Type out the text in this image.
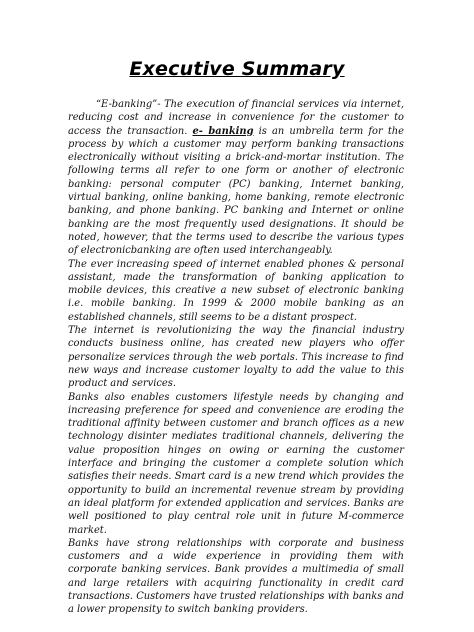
Executive Summary

“E-banking”- The execution of financial services via internet, reducing cost and increase in convenience for the customer to access the transaction. e- banking is an umbrella term for the process by which a customer may perform banking transactions electronically without visiting a brick-and-mortar institution. The following terms all refer to one form or another of electronic banking: personal computer (PC) banking, Internet banking, virtual banking, online banking, home banking, remote electronic banking, and phone banking. PC banking and Internet or online banking are the most frequently used designations. It should be noted, however, that the terms used to describe the various types of electronicbanking are often used interchangeably.

The ever increasing speed of internet enabled phones & personal assistant, made the transformation of banking application to mobile devices, this creative a new subset of electronic banking i.e. mobile banking. In 1999 & 2000 mobile banking as an established channels, still seems to be a distant prospect.

The internet is revolutionizing the way the financial industry conducts business online, has created new players who offer personalize services through the web portals. This increase to find new ways and increase customer loyalty to add the value to this product and services.

Banks also enables customers lifestyle needs by changing and increasing preference for speed and convenience are eroding the traditional affinity between customer and branch offices as a new technology disinter mediates traditional channels, delivering the value proposition hinges on owing or earning the customer interface and bringing the customer a complete solution which satisfies their needs. Smart card is a new trend which provides the opportunity to build an incremental revenue stream by providing an ideal platform for extended application and services. Banks are well positioned to play central role unit in future M-commerce market.

Banks have strong relationships with corporate and business customers and a wide experience in providing them with corporate banking services. Bank provides a multimedia of small and large retailers with acquiring functionality in credit card transactions. Customers have trusted relationships with banks and a lower propensity to switch banking providers.
